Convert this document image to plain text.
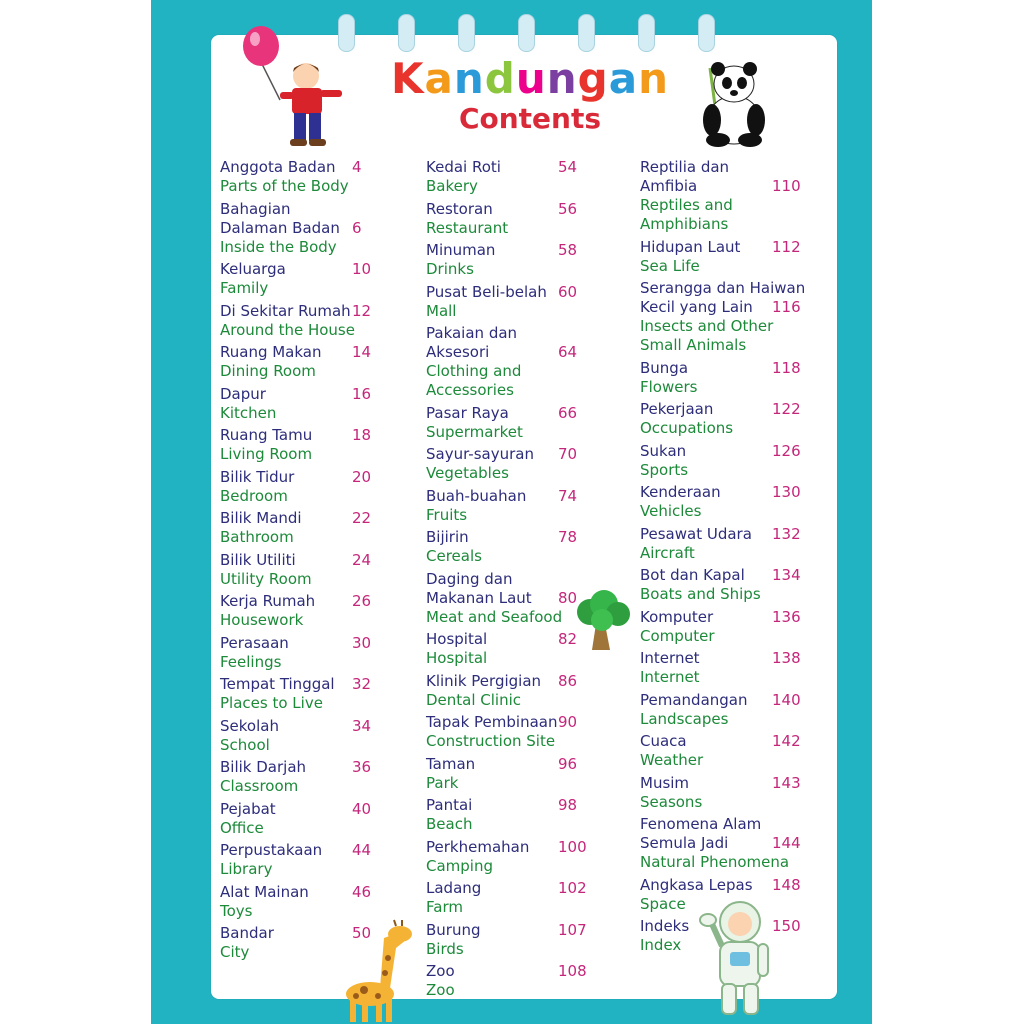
Kandungan
Contents
Anggota Badan
Parts of the Body
4
Bahagian
Dalaman Badan
Inside the Body
6
Keluarga
Family
10
Di Sekitar Rumah
Around the House
12
Ruang Makan
Dining Room
14
Dapur
Kitchen
16
Ruang Tamu
Living Room
18
Bilik Tidur
Bedroom
20
Bilik Mandi
Bathroom
22
Bilik Utiliti
Utility Room
24
Kerja Rumah
Housework
26
Perasaan
Feelings
30
Tempat Tinggal
Places to Live
32
Sekolah
School
34
Bilik Darjah
Classroom
36
Pejabat
Office
40
Perpustakaan
Library
44
Alat Mainan
Toys
46
Bandar
City
50
Kedai Roti
Bakery
54
Restoran
Restaurant
56
Minuman
Drinks
58
Pusat Beli-belah
Mall
60
Pakaian dan
Aksesori
Clothing and
Accessories
64
Pasar Raya
Supermarket
66
Sayur-sayuran
Vegetables
70
Buah-buahan
Fruits
74
Bijirin
Cereals
78
Daging dan
Makanan Laut
Meat and Seafood
80
Hospital
Hospital
82
Klinik Pergigian
Dental Clinic
86
Tapak Pembinaan
Construction Site
90
Taman
Park
96
Pantai
Beach
98
Perkhemahan
Camping
100
Ladang
Farm
102
Burung
Birds
107
Zoo
Zoo
108
Reptilia dan
Amfibia
Reptiles and
Amphibians
110
Hidupan Laut
Sea Life
112
Serangga dan Haiwan
Kecil yang Lain
Insects and Other
Small Animals
116
Bunga
Flowers
118
Pekerjaan
Occupations
122
Sukan
Sports
126
Kenderaan
Vehicles
130
Pesawat Udara
Aircraft
132
Bot dan Kapal
Boats and Ships
134
Komputer
Computer
136
Internet
Internet
138
Pemandangan
Landscapes
140
Cuaca
Weather
142
Musim
Seasons
143
Fenomena Alam
Semula Jadi
Natural Phenomena
144
Angkasa Lepas
Space
148
Indeks
Index
150
